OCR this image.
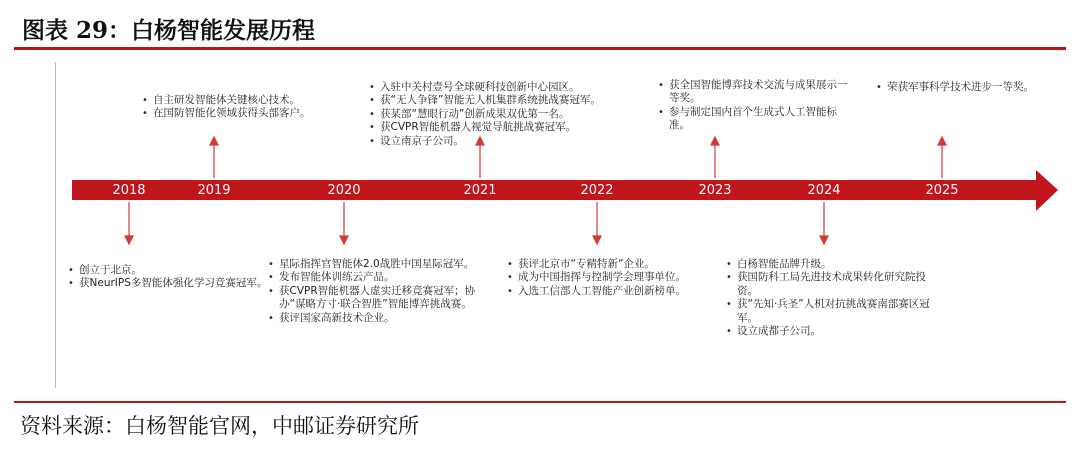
图表 29：白杨智能发展历程
2018	2019	2020	2021	2022	2023	2024	2025
• 自主研发智能体关键核心技术。
• 在国防智能化领域获得头部客户。
• 入驻中关村壹号全球硬科技创新中心园区。
• 获“无人争锋”智能无人机集群系统挑战赛冠军。
• 获某部“慧眼行动”创新成果双优第一名。
• 获CVPR智能机器人视觉导航挑战赛冠军。
• 设立南京子公司。
• 获全国智能博弈技术交流与成果展示一等奖。
• 参与制定国内首个生成式人工智能标准。
• 荣获军事科学技术进步一等奖。
• 创立于北京。
• 获NeurIPS多智能体强化学习竞赛冠军。
• 星际指挥官智能体2.0战胜中国星际冠军。
• 发布智能体训练云产品。
• 获CVPR智能机器人虚实迁移竞赛冠军；协办“谋略方寸·联合智胜”智能博弈挑战赛。
• 获评国家高新技术企业。
• 获评北京市“专精特新”企业。
• 成为中国指挥与控制学会理事单位。
• 入选工信部人工智能产业创新榜单。
• 白杨智能品牌升级。
• 获国防科工局先进技术成果转化研究院投资。
• 获“先知·兵圣”人机对抗挑战赛南部赛区冠军。
• 设立成都子公司。
资料来源：白杨智能官网，中邮证券研究所
